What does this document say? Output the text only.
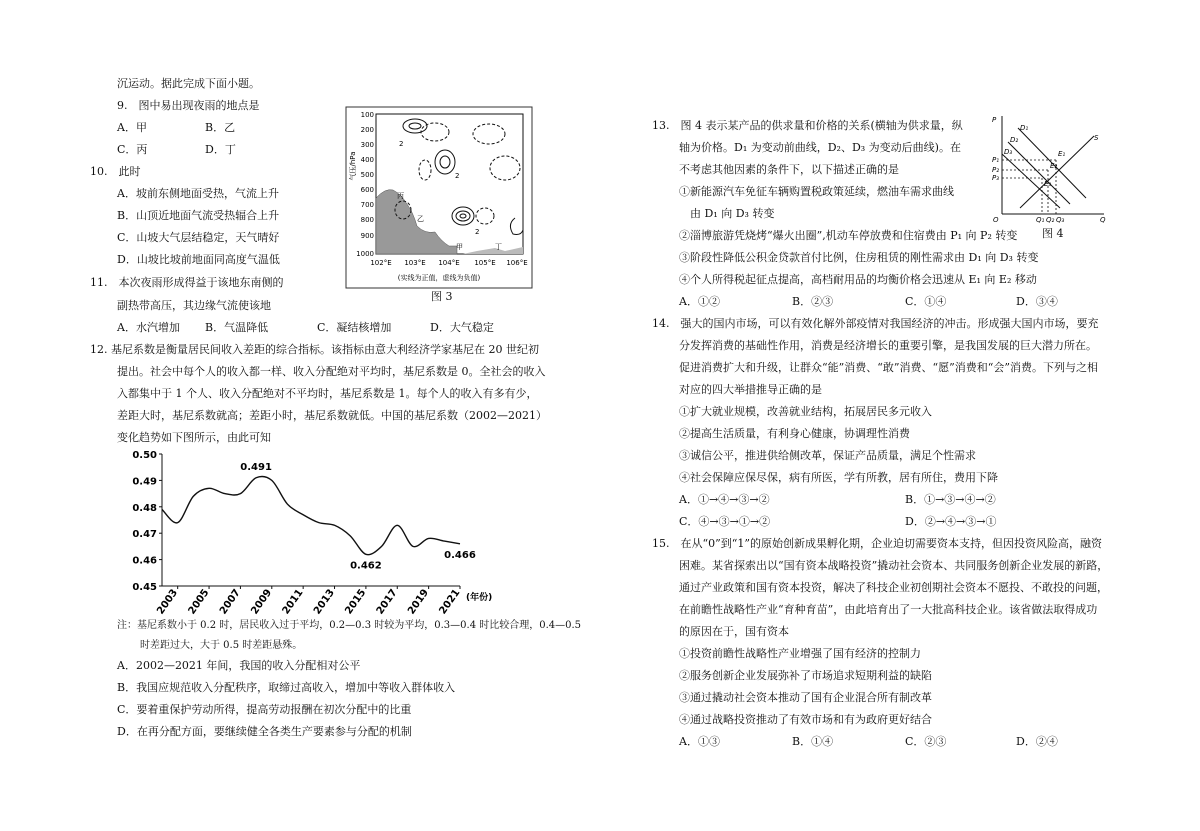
沉运动。据此完成下面小题。
9.　图中易出现夜雨的地点是
A．甲	B．乙
C．丙	D．丁
10.　此时
A．坡前东侧地面受热，气流上升
B．山顶近地面气流受热辐合上升
C．山坡大气层结稳定，天气晴好
D．山坡比坡前地面同高度气温低
11.　本次夜雨形成得益于该地东南侧的
副热带高压，其边缘气流使该地
A．水汽增加 B．气温降低	C．凝结核增加	D．大气稳定
12. 基尼系数是衡量居民间收入差距的综合指标。该指标由意大利经济学家基尼在 20 世纪初
提出。社会中每个人的收入都一样、收入分配绝对平均时，基尼系数是 0。全社会的收入
入都集中于 1 个人、收入分配绝对不平均时，基尼系数是 1。每个人的收入有多有少，
差距大时，基尼系数就高；差距小时，基尼系数就低。中国的基尼系数（2002—2021）
变化趋势如下图所示，由此可知
注：基尼系数小于 0.2 时，居民收入过于平均，0.2—0.3 时较为平均，0.3—0.4 时比较合理，0.4—0.5
时差距过大，大于 0.5 时差距悬殊。
A．2002—2021 年间，我国的收入分配相对公平
B．我国应规范收入分配秩序，取缔过高收入，增加中等收入群体收入
C．要着重保护劳动所得，提高劳动报酬在初次分配中的比重
D．在再分配方面，要继续健全各类生产要素参与分配的机制
2
2
2
丙
乙
甲	丁
100
200
300
400
500
600
700
800
900
1000
气压/hPa
102°E 103°E 104°E 105°E 106°E
(实线为正值，虚线为负值)
图 3
0.45
0.46
0.47
0.48
0.49
0.50
2003 2005 2007 2009 2011 2013 2015 2017 2019 2021 (年份)
0.491
0.462
0.466
13.　图 4 表示某产品的供求量和价格的关系(横轴为供求量，纵
轴为价格。D₁ 为变动前曲线，D₂、D₃ 为变动后曲线)。在
不考虑其他因素的条件下，以下描述正确的是
①新能源汽车免征车辆购置税政策延续，燃油车需求曲线
由 D₁ 向 D₃ 转变
②淄博旅游凭烧烤“爆火出圈”,机动车停放费和住宿费由 P₁ 向 P₂ 转变
③阶段性降低公积金贷款首付比例，住房租赁的刚性需求由 D₁ 向 D₃ 转变
④个人所得税起征点提高，高档耐用品的均衡价格会迅速从 E₁ 向 E₂ 移动
A．①②	B．②③	C．①④	D．③④
14.　强大的国内市场，可以有效化解外部疫情对我国经济的冲击。形成强大国内市场，要充
分发挥消费的基础性作用，消费是经济增长的重要引擎，是我国发展的巨大潜力所在。
促进消费扩大和升级，让群众“能”消费、“敢”消费、“愿”消费和“会”消费。下列与之相
对应的四大举措推导正确的是
①扩大就业规模，改善就业结构，拓展居民多元收入
②提高生活质量，有利身心健康，协调理性消费
③诚信公平，推进供给侧改革，保证产品质量，满足个性需求
④社会保障应保尽保，病有所医，学有所教，居有所住，费用下降
A．①→④→③→②	B．①→③→④→②
C．④→③→①→②	D．②→④→③→①
15.　在从“0”到“1”的原始创新成果孵化期，企业迫切需要资本支持，但因投资风险高，融资
困难。某省探索出以“国有资本战略投资”撬动社会资本、共同服务创新企业发展的新路，
通过产业政策和国有资本投资，解决了科技企业初创期社会资本不愿投、不敢投的问题，
在前瞻性战略性产业“育种育苗”，由此培育出了一大批高科技企业。该省做法取得成功
的原因在于，国有资本
①投资前瞻性战略性产业增强了国有经济的控制力
②服务创新企业发展弥补了市场追求短期利益的缺陷
③通过撬动社会资本推动了国有企业混合所有制改革
④通过战略投资推动了有效市场和有为政府更好结合
A．①③	B．①④	C．②③	D．②④
P
Q
O
S
D₁
D₂
D₃
P₁
P₂
P₃
E₁
E₂
E₃
Q₁ Q₂ Q₃
图 4
